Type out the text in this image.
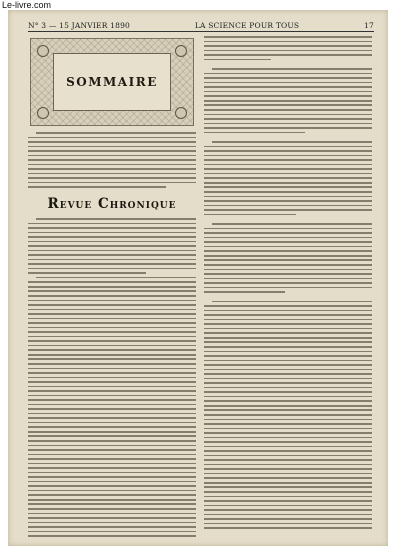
Le-livre.com
N° 3 — 15 JANVIER 1890	LA SCIENCE POUR TOUS	17
SOMMAIRE
Revue Chronique
